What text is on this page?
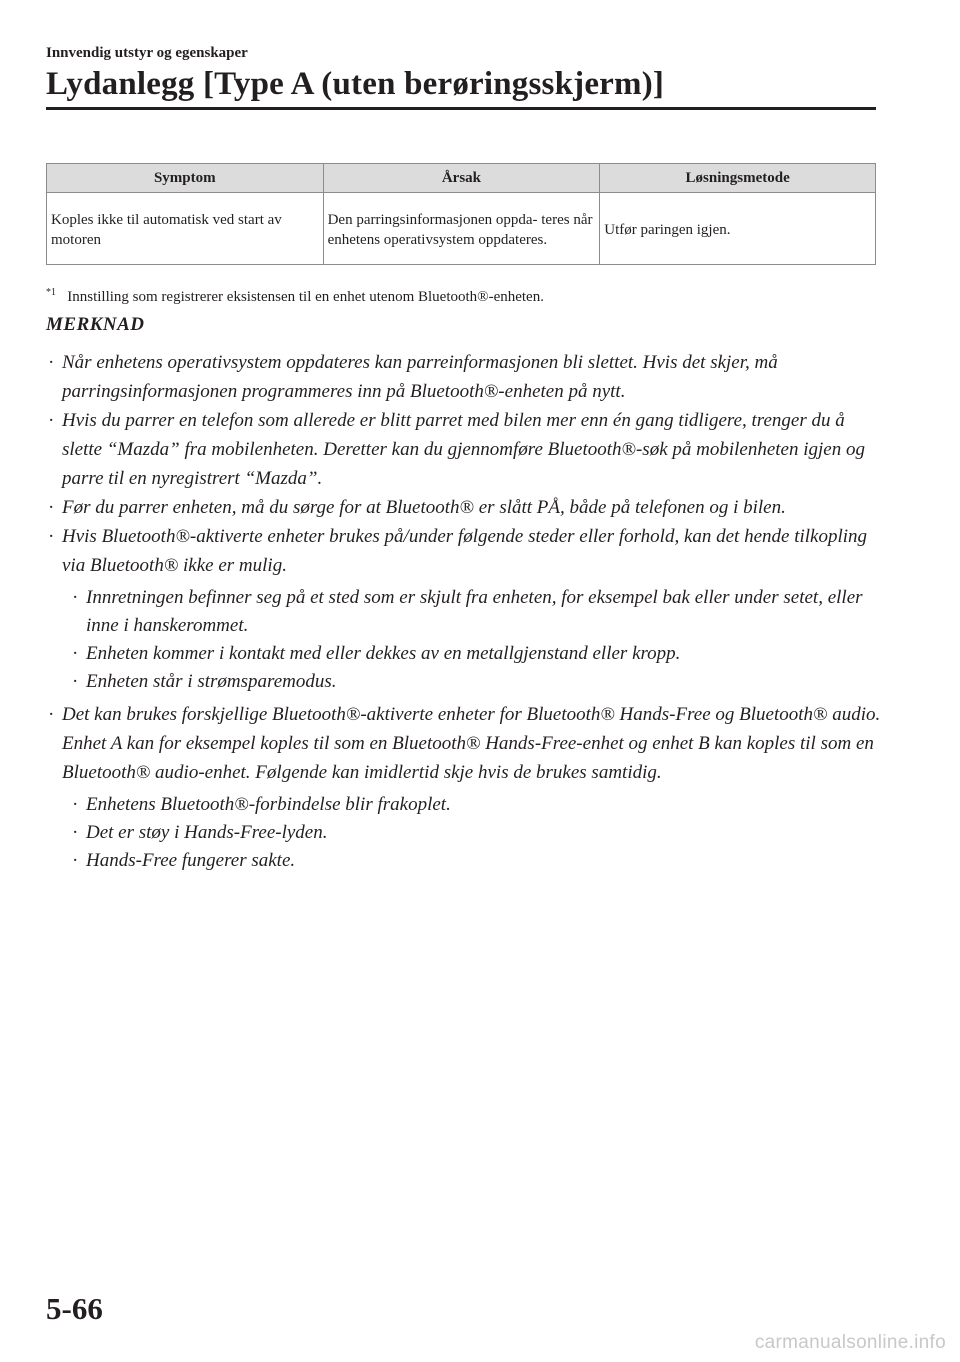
Innvendig utstyr og egenskaper
Lydanlegg [Type A (uten berøringsskjerm)]
Symptom	Årsak	Løsningsmetode
Koples ikke til automatisk ved start av motoren	Den parringsinformasjonen oppda- teres når enhetens operativsystem oppdateres.	Utfør paringen igjen.
$^{*1}$ Innstilling som registrerer eksistensen til en enhet utenom Bluetooth®-enheten.
MERKNAD
· Når enhetens operativsystem oppdateres kan parreinformasjonen bli slettet. Hvis det skjer, må parringsinformasjonen programmeres inn på Bluetooth®-enheten på nytt.
· Hvis du parrer en telefon som allerede er blitt parret med bilen mer enn én gang tidligere, trenger du å slette “Mazda” fra mobilenheten. Deretter kan du gjennomføre Bluetooth®-søk på mobilenheten igjen og parre til en nyregistrert “Mazda”.
· Før du parrer enheten, må du sørge for at Bluetooth® er slått PÅ, både på telefonen og i bilen.
· Hvis Bluetooth®-aktiverte enheter brukes på/under følgende steder eller forhold, kan det hende tilkopling via Bluetooth® ikke er mulig.
· Innretningen befinner seg på et sted som er skjult fra enheten, for eksempel bak eller under setet, eller inne i hanskerommet.
· Enheten kommer i kontakt med eller dekkes av en metallgjenstand eller kropp.
· Enheten står i strømsparemodus.
· Det kan brukes forskjellige Bluetooth®-aktiverte enheter for Bluetooth® Hands-Free og Bluetooth® audio. Enhet A kan for eksempel koples til som en Bluetooth® Hands-Free-enhet og enhet B kan koples til som en Bluetooth® audio-enhet. Følgende kan imidlertid skje hvis de brukes samtidig.
· Enhetens Bluetooth®-forbindelse blir frakoplet.
· Det er støy i Hands-Free-lyden.
· Hands-Free fungerer sakte.
5-66
carmanualsonline.info
